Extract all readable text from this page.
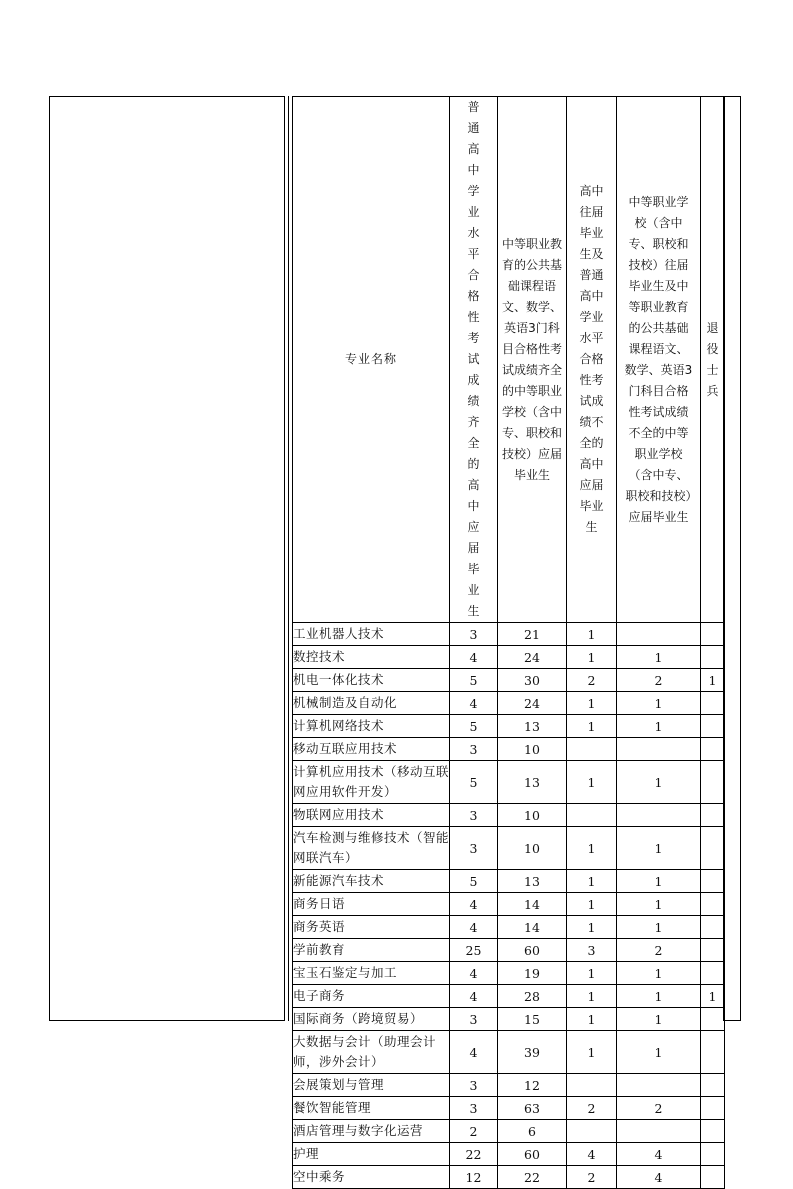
专业名称	普通高中学业水平合格性考试成绩齐全的高中应届毕业生	中等职业教育的公共基础课程语文、数学、英语3门科目合格性考试成绩齐全的中等职业学校（含中专、职校和技校）应届毕业生	高中往届毕业生及普通高中学业水平合格性考试成绩不全的高中应届毕业生	中等职业学校（含中专、职校和技校）往届毕业生及中等职业教育的公共基础课程语文、数学、英语3门科目合格性考试成绩不全的中等职业学校（含中专、职校和技校）应届毕业生	退役士兵

工业机器人技术	3	21	1		
数控技术	4	24	1	1	
机电一体化技术	5	30	2	2	1
机械制造及自动化	4	24	1	1	
计算机网络技术	5	13	1	1	
移动互联应用技术	3	10			
计算机应用技术（移动互联网应用软件开发）	5	13	1	1	
物联网应用技术	3	10			
汽车检测与维修技术（智能网联汽车）	3	10	1	1	
新能源汽车技术	5	13	1	1	
商务日语	4	14	1	1	
商务英语	4	14	1	1	
学前教育	25	60	3	2	
宝玉石鉴定与加工	4	19	1	1	
电子商务	4	28	1	1	1
国际商务（跨境贸易）	3	15	1	1	
大数据与会计（助理会计师，涉外会计）	4	39	1	1	
会展策划与管理	3	12			
餐饮智能管理	3	63	2	2	
酒店管理与数字化运营	2	6			
护理	22	60	4	4	
空中乘务	12	22	2	4	
